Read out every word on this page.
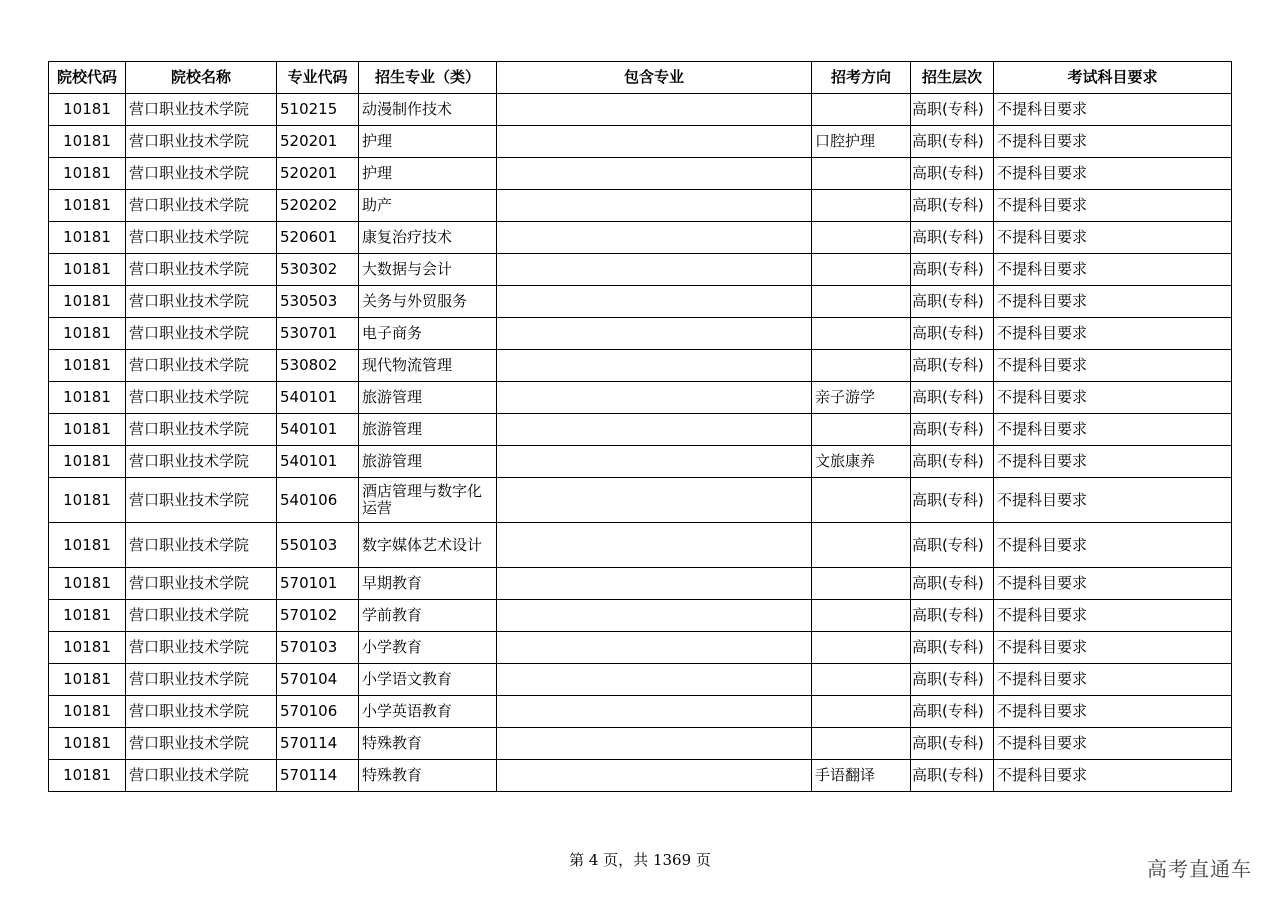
院校代码	院校名称	专业代码	招生专业（类）	包含专业	招考方向	招生层次	考试科目要求
10181	营口职业技术学院	510215	动漫制作技术			高职(专科)	不提科目要求
10181	营口职业技术学院	520201	护理		口腔护理	高职(专科)	不提科目要求
10181	营口职业技术学院	520201	护理			高职(专科)	不提科目要求
10181	营口职业技术学院	520202	助产			高职(专科)	不提科目要求
10181	营口职业技术学院	520601	康复治疗技术			高职(专科)	不提科目要求
10181	营口职业技术学院	530302	大数据与会计			高职(专科)	不提科目要求
10181	营口职业技术学院	530503	关务与外贸服务			高职(专科)	不提科目要求
10181	营口职业技术学院	530701	电子商务			高职(专科)	不提科目要求
10181	营口职业技术学院	530802	现代物流管理			高职(专科)	不提科目要求
10181	营口职业技术学院	540101	旅游管理		亲子游学	高职(专科)	不提科目要求
10181	营口职业技术学院	540101	旅游管理			高职(专科)	不提科目要求
10181	营口职业技术学院	540101	旅游管理		文旅康养	高职(专科)	不提科目要求
10181	营口职业技术学院	540106	酒店管理与数字化运营			高职(专科)	不提科目要求
10181	营口职业技术学院	550103	数字媒体艺术设计			高职(专科)	不提科目要求
10181	营口职业技术学院	570101	早期教育			高职(专科)	不提科目要求
10181	营口职业技术学院	570102	学前教育			高职(专科)	不提科目要求
10181	营口职业技术学院	570103	小学教育			高职(专科)	不提科目要求
10181	营口职业技术学院	570104	小学语文教育			高职(专科)	不提科目要求
10181	营口职业技术学院	570106	小学英语教育			高职(专科)	不提科目要求
10181	营口职业技术学院	570114	特殊教育			高职(专科)	不提科目要求
10181	营口职业技术学院	570114	特殊教育		手语翻译	高职(专科)	不提科目要求
第 4 页，共 1369 页	高考直通车
